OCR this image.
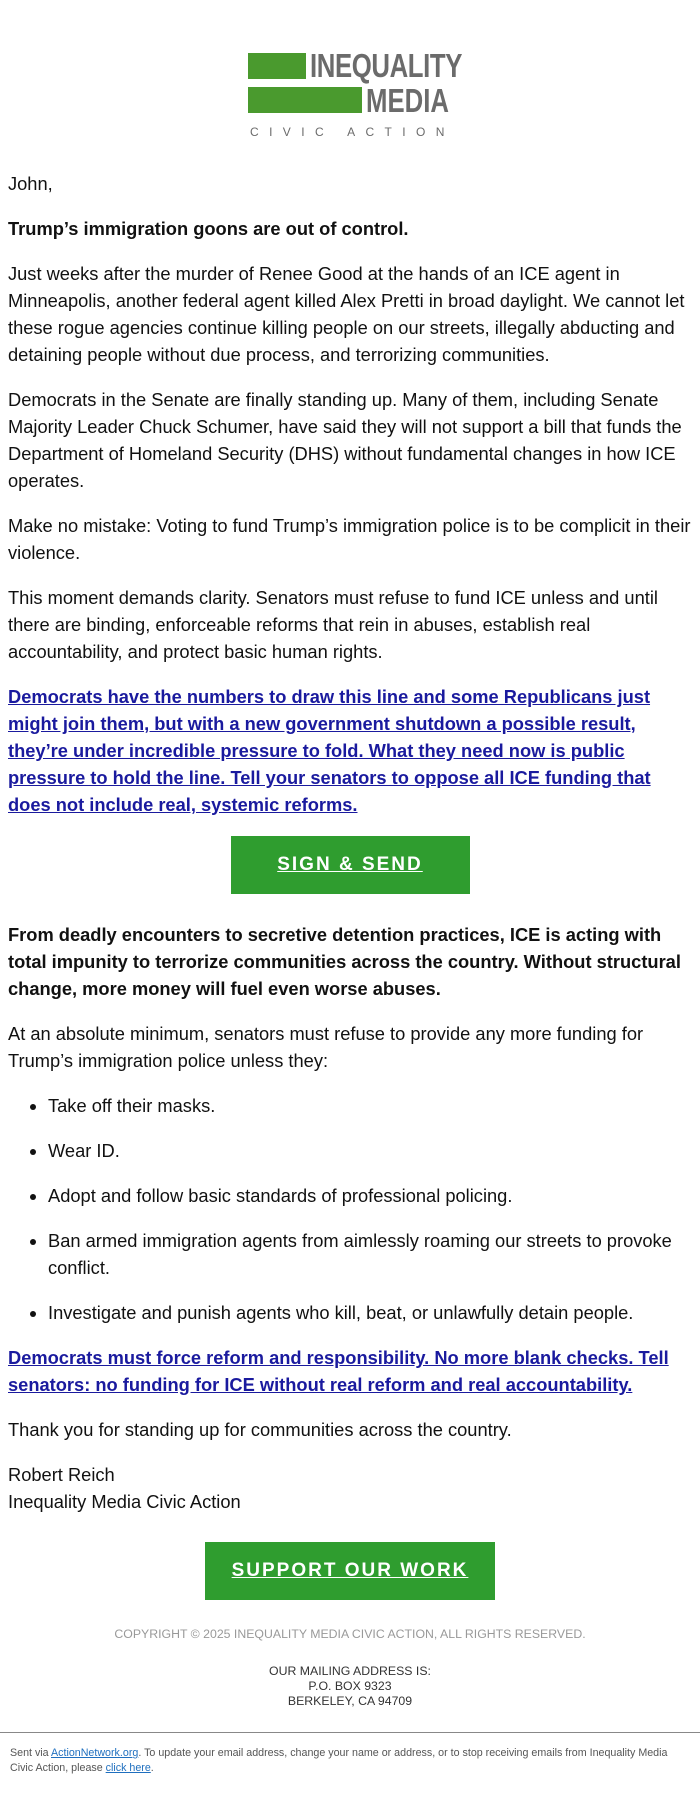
INEQUALITY
MEDIA
CIVIC ACTION

John,

Trump’s immigration goons are out of control.

Just weeks after the murder of Renee Good at the hands of an ICE agent in Minneapolis, another federal agent killed Alex Pretti in broad daylight. We cannot let these rogue agencies continue killing people on our streets, illegally abducting and detaining people without due process, and terrorizing communities.

Democrats in the Senate are finally standing up. Many of them, including Senate Majority Leader Chuck Schumer, have said they will not support a bill that funds the Department of Homeland Security (DHS) without fundamental changes in how ICE operates.

Make no mistake: Voting to fund Trump’s immigration police is to be complicit in their violence.

This moment demands clarity. Senators must refuse to fund ICE unless and until there are binding, enforceable reforms that rein in abuses, establish real accountability, and protect basic human rights.

Democrats have the numbers to draw this line and some Republicans just might join them, but with a new government shutdown a possible result, they’re under incredible pressure to fold. What they need now is public pressure to hold the line. Tell your senators to oppose all ICE funding that does not include real, systemic reforms.

SIGN & SEND

From deadly encounters to secretive detention practices, ICE is acting with total impunity to terrorize communities across the country. Without structural change, more money will fuel even worse abuses.

At an absolute minimum, senators must refuse to provide any more funding for Trump’s immigration police unless they:

• Take off their masks.
• Wear ID.
• Adopt and follow basic standards of professional policing.
• Ban armed immigration agents from aimlessly roaming our streets to provoke conflict.
• Investigate and punish agents who kill, beat, or unlawfully detain people.

Democrats must force reform and responsibility. No more blank checks. Tell senators: no funding for ICE without real reform and real accountability.

Thank you for standing up for communities across the country.

Robert Reich
Inequality Media Civic Action

SUPPORT OUR WORK
COPYRIGHT © 2025 INEQUALITY MEDIA CIVIC ACTION, ALL RIGHTS RESERVED.
OUR MAILING ADDRESS IS:
P.O. BOX 9323
BERKELEY, CA 94709
Sent via ActionNetwork.org. To update your email address, change your name or address, or to stop receiving emails from Inequality Media Civic Action, please click here.
